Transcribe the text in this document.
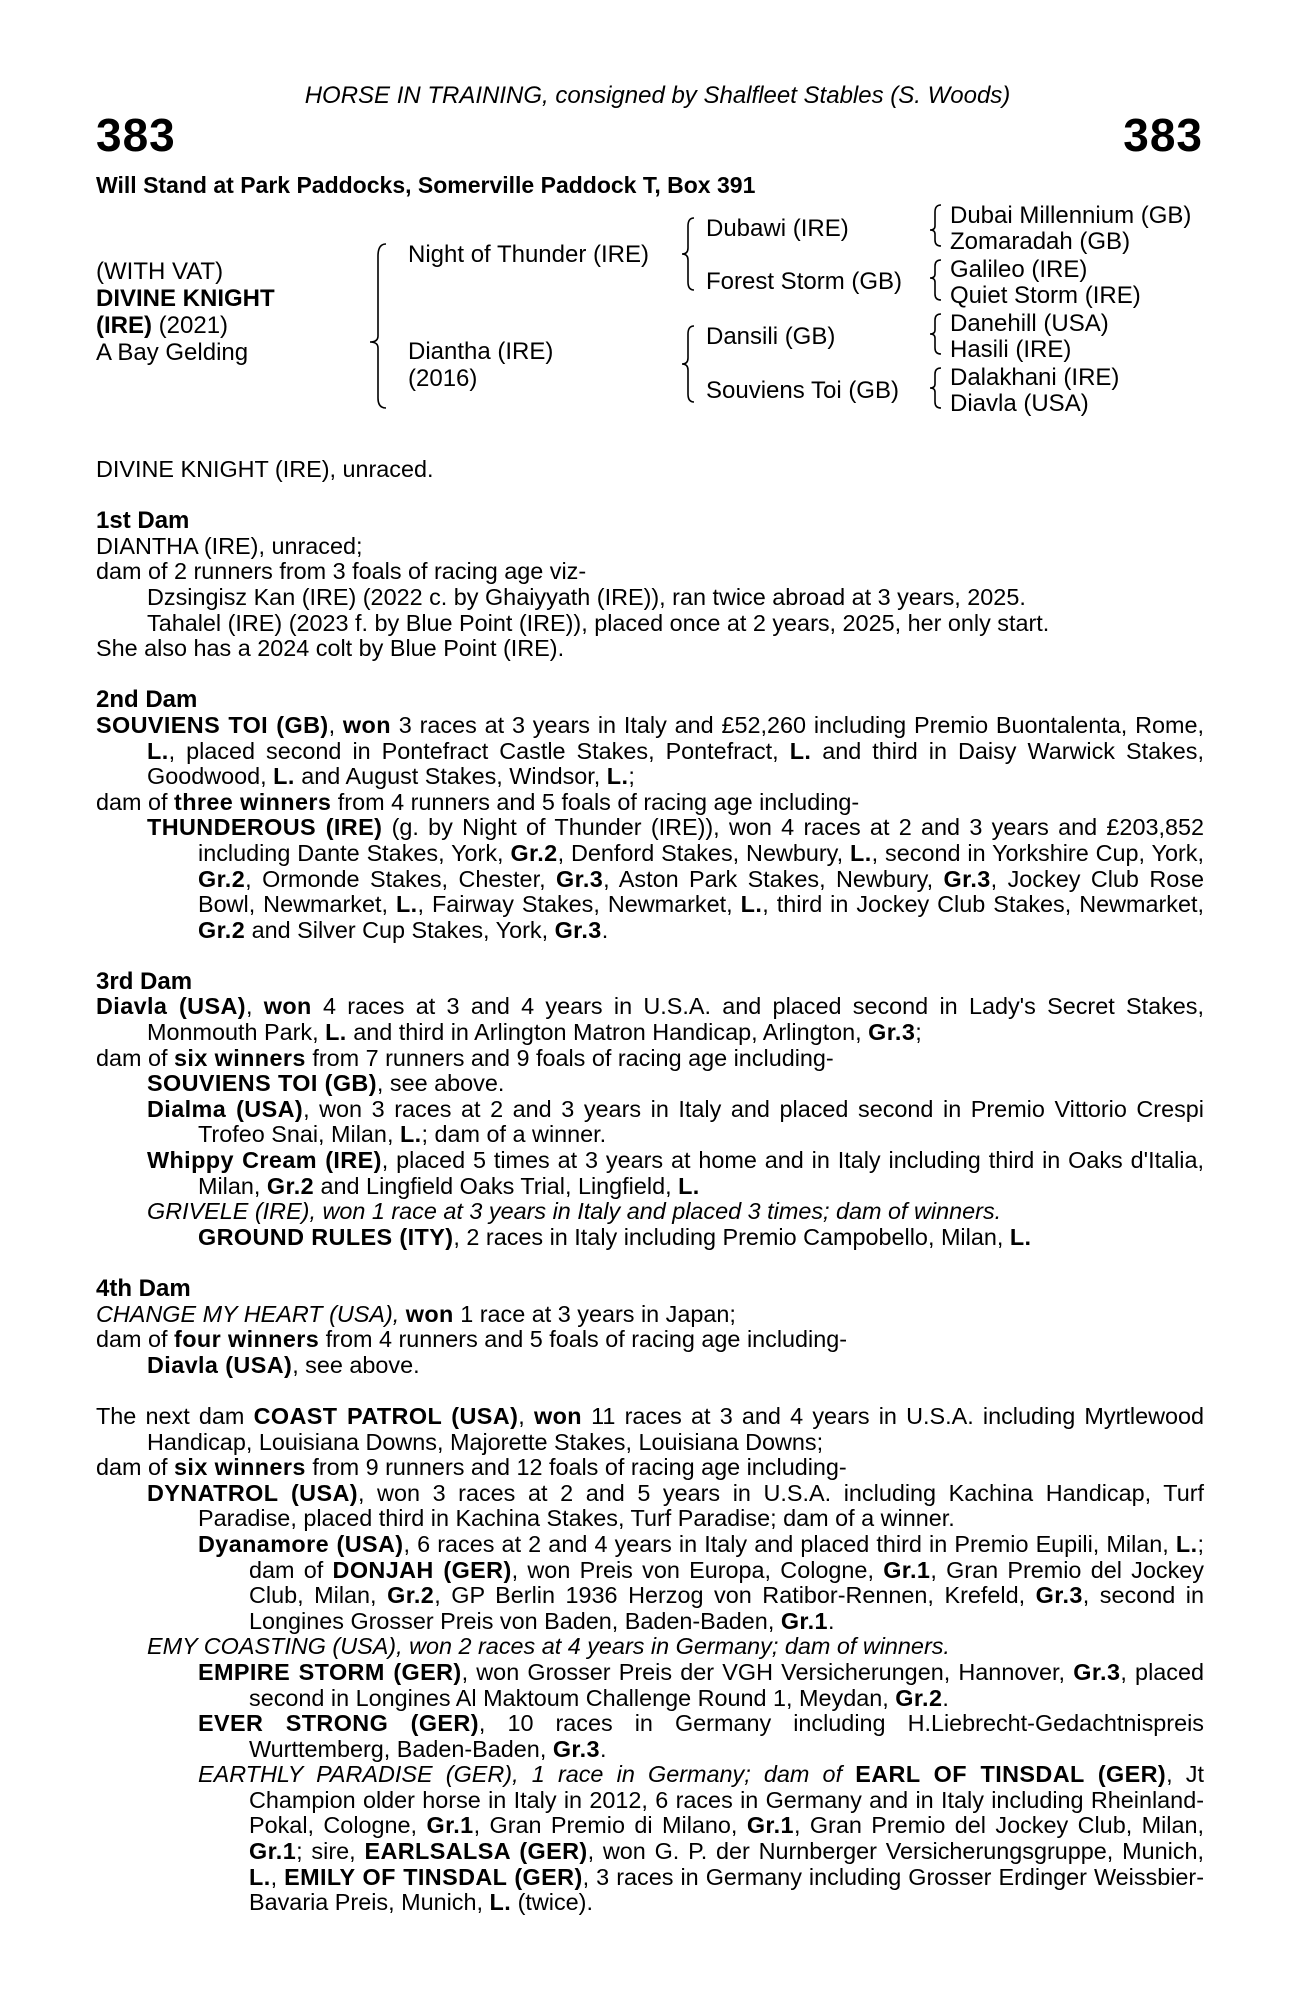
HORSE IN TRAINING, consigned by Shalfleet Stables (S. Woods)
383	383
Will Stand at Park Paddocks, Somerville Paddock T, Box 391
(WITH VAT)
DIVINE KNIGHT
(IRE) (2021)
A Bay Gelding
Night of Thunder (IRE)
Diantha (IRE)
(2016)
Dubawi (IRE)
Forest Storm (GB)
Dansili (GB)
Souviens Toi (GB)
Dubai Millennium (GB)
Zomaradah (GB)
Galileo (IRE)
Quiet Storm (IRE)
Danehill (USA)
Hasili (IRE)
Dalakhani (IRE)
Diavla (USA)

DIVINE KNIGHT (IRE), unraced.

1st Dam

DIANTHA (IRE), unraced;

dam of 2 runners from 3 foals of racing age viz-

Dzsingisz Kan (IRE) (2022 c. by Ghaiyyath (IRE)), ran twice abroad at 3 years, 2025.

Tahalel (IRE) (2023 f. by Blue Point (IRE)), placed once at 2 years, 2025, her only start.

She also has a 2024 colt by Blue Point (IRE).

2nd Dam

SOUVIENS TOI (GB), won 3 races at 3 years in Italy and £52,260 including Premio Buontalenta, Rome, L., placed second in Pontefract Castle Stakes, Pontefract, L. and third in Daisy Warwick Stakes, Goodwood, L. and August Stakes, Windsor, L.;

dam of three winners from 4 runners and 5 foals of racing age including-

THUNDEROUS (IRE) (g. by Night of Thunder (IRE)), won 4 races at 2 and 3 years and £203,852 including Dante Stakes, York, Gr.2, Denford Stakes, Newbury, L., second in Yorkshire Cup, York, Gr.2, Ormonde Stakes, Chester, Gr.3, Aston Park Stakes, Newbury, Gr.3, Jockey Club Rose Bowl, Newmarket, L., Fairway Stakes, Newmarket, L., third in Jockey Club Stakes, Newmarket, Gr.2 and Silver Cup Stakes, York, Gr.3.

3rd Dam

Diavla (USA), won 4 races at 3 and 4 years in U.S.A. and placed second in Lady's Secret Stakes, Monmouth Park, L. and third in Arlington Matron Handicap, Arlington, Gr.3;

dam of six winners from 7 runners and 9 foals of racing age including-

SOUVIENS TOI (GB), see above.

Dialma (USA), won 3 races at 2 and 3 years in Italy and placed second in Premio Vittorio Crespi Trofeo Snai, Milan, L.; dam of a winner.

Whippy Cream (IRE), placed 5 times at 3 years at home and in Italy including third in Oaks d'Italia, Milan, Gr.2 and Lingfield Oaks Trial, Lingfield, L.

GRIVELE (IRE), won 1 race at 3 years in Italy and placed 3 times; dam of winners.

GROUND RULES (ITY), 2 races in Italy including Premio Campobello, Milan, L.

4th Dam

CHANGE MY HEART (USA), won 1 race at 3 years in Japan;

dam of four winners from 4 runners and 5 foals of racing age including-

Diavla (USA), see above.

The next dam COAST PATROL (USA), won 11 races at 3 and 4 years in U.S.A. including Myrtlewood Handicap, Louisiana Downs, Majorette Stakes, Louisiana Downs;

dam of six winners from 9 runners and 12 foals of racing age including-

DYNATROL (USA), won 3 races at 2 and 5 years in U.S.A. including Kachina Handicap, Turf Paradise, placed third in Kachina Stakes, Turf Paradise; dam of a winner.

Dyanamore (USA), 6 races at 2 and 4 years in Italy and placed third in Premio Eupili, Milan, L.; dam of DONJAH (GER), won Preis von Europa, Cologne, Gr.1, Gran Premio del Jockey Club, Milan, Gr.2, GP Berlin 1936 Herzog von Ratibor-Rennen, Krefeld, Gr.3, second in Longines Grosser Preis von Baden, Baden-Baden, Gr.1.

EMY COASTING (USA), won 2 races at 4 years in Germany; dam of winners.

EMPIRE STORM (GER), won Grosser Preis der VGH Versicherungen, Hannover, Gr.3, placed second in Longines Al Maktoum Challenge Round 1, Meydan, Gr.2.

EVER STRONG (GER), 10 races in Germany including H.Liebrecht-Gedachtnispreis Wurttemberg, Baden-Baden, Gr.3.

EARTHLY PARADISE (GER), 1 race in Germany; dam of EARL OF TINSDAL (GER), Jt Champion older horse in Italy in 2012, 6 races in Germany and in Italy including Rheinland-Pokal, Cologne, Gr.1, Gran Premio di Milano, Gr.1, Gran Premio del Jockey Club, Milan, Gr.1; sire, EARLSALSA (GER), won G. P. der Nurnberger Versicherungsgruppe, Munich, L., EMILY OF TINSDAL (GER), 3 races in Germany including Grosser Erdinger Weissbier-Bavaria Preis, Munich, L. (twice).
